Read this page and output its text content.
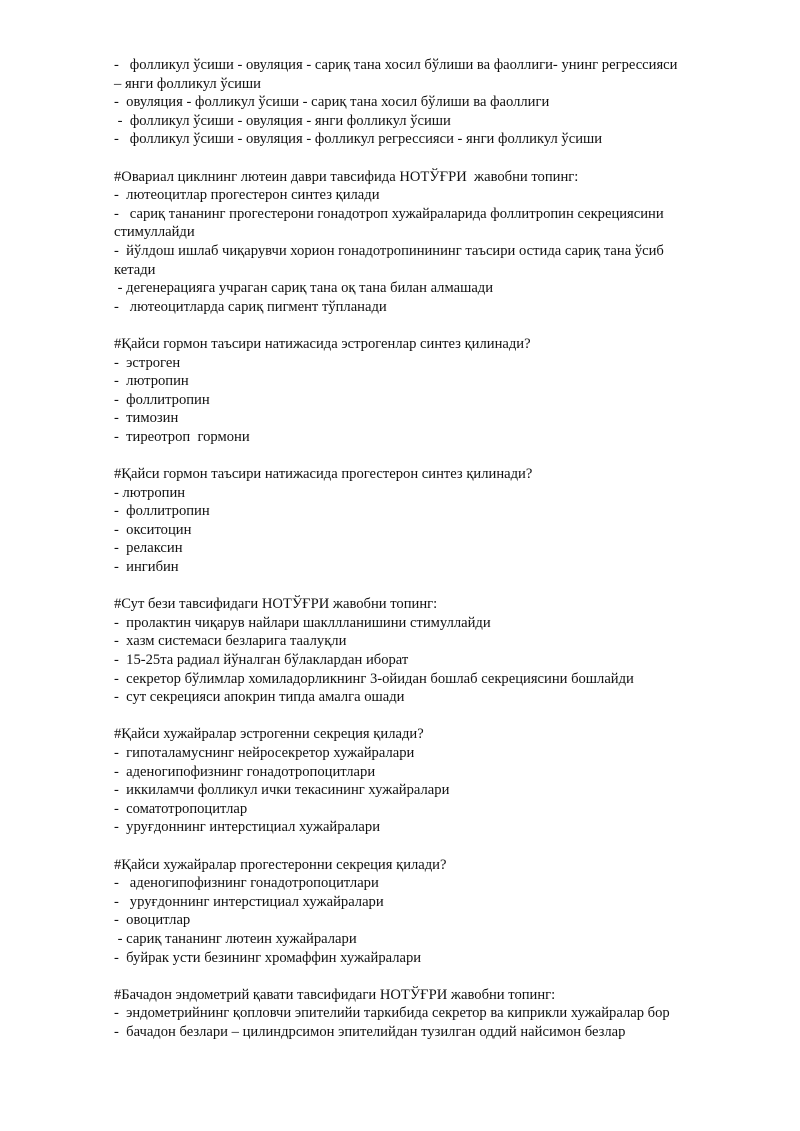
-   фолликул ўсиши - овуляция - сариқ тана хосил бўлиши ва фаоллиги- унинг регрессияси
– янги фолликул ўсиши
-  овуляция - фолликул ўсиши - сариқ тана хосил бўлиши ва фаоллиги
-  фолликул ўсиши - овуляция - янги фолликул ўсиши
-   фолликул ўсиши - овуляция - фолликул регрессияси - янги фолликул ўсиши
#Овариал циклнинг лютеин даври тавсифида НОТЎҒРИ  жавобни топинг:
-  лютеоцитлар прогестерон синтез қилади
-   сариқ тананинг прогестерони гонадотроп хужайраларида фоллитропин секрециясини
стимуллайди
-  йўлдош ишлаб чиқарувчи хорион гонадотропинининг таъсири остида сариқ тана ўсиб
кетади
- дегенерацияга учраган сариқ тана оқ тана билан алмашади
-   лютеоцитларда сариқ пигмент тўпланади
#Қайси гормон таъсири натижасида эстрогенлар синтез қилинади?
-  эстроген
-  лютропин
-  фоллитропин
-  тимозин
-  тиреотроп  гормони
#Қайси гормон таъсири натижасида прогестерон синтез қилинади?
- лютропин
-  фоллитропин
-  окситоцин
-  релаксин
-  ингибин
#Сут бези тавсифидаги НОТЎҒРИ жавобни топинг:
-  пролактин чиқарув найлари шакллланишини стимуллайди
-  хазм системаси безларига таалуқли
-  15-25та радиал йўналган бўлаклардан иборат
-  секретор бўлимлар хомиладорликнинг 3-ойидан бошлаб секрециясини бошлайди
-  сут секрецияси апокрин типда амалга ошади
#Қайси хужайралар эстрогенни секреция қилади?
-  гипоталамуснинг нейросекретор хужайралари
-  аденогипофизнинг гонадотропоцитлари
-  иккиламчи фолликул ички текасининг хужайралари
-  соматотропоцитлар
-  уруғдоннинг интерстициал хужайралари
#Қайси хужайралар прогестеронни секреция қилади?
-   аденогипофизнинг гонадотропоцитлари
-   уруғдоннинг интерстициал хужайралари
-  овоцитлар
- сариқ тананинг лютеин хужайралари
-  буйрак усти безининг хромаффин хужайралари
#Бачадон эндометрий қавати тавсифидаги НОТЎҒРИ жавобни топинг:
-  эндометрийнинг қопловчи эпителийи таркибида секретор ва киприкли хужайралар бор
-  бачадон безлари – цилиндрсимон эпителийдан тузилган оддий найсимон безлар
